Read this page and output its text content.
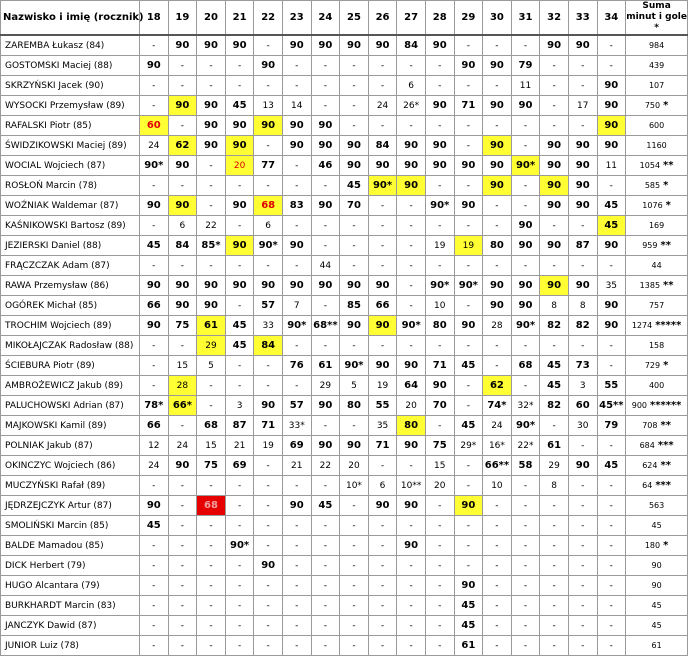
Nazwisko i imię (rocznik)	18	19	20	21	22	23	24	25	26	27	28	29	30	31	32	33	34	Suma minut i gole *
ZAREMBA Łukasz (84)	-	90	90	90	-	90	90	90	90	84	90	-	-	-	90	90	-	984
GOSTOMSKI Maciej (88)	90	-	-	-	90	-	-	-	-	-	-	90	90	79	-	-	-	439
SKRZYŃSKI Jacek (90)	-	-	-	-	-	-	-	-	-	6	-	-	-	11	-	-	90	107
WYSOCKI Przemysław (89)	-	90	90	45	13	14	-	-	24	26*	90	71	90	90	-	17	90	750 *
RAFALSKI Piotr (85)	60	-	90	90	90	90	90	-	-	-	-	-	-	-	-	-	90	600
ŚWIDZIKOWSKI Maciej (89)	24	62	90	90	-	90	90	90	84	90	90	-	90	-	90	90	90	1160
WOCIAL Wojciech (87)	90*	90	-	20	77	-	46	90	90	90	90	90	90	90*	90	90	11	1054 **
ROSŁOŃ Marcin (78)	-	-	-	-	-	-	-	45	90*	90	-	-	90	-	90	90	-	585 *
WOŹNIAK Waldemar (87)	90	90	-	90	68	83	90	70	-	-	90*	90	-	-	90	90	45	1076 *
KAŚNIKOWSKI Bartosz (89)	-	6	22	-	6	-	-	-	-	-	-	-	-	90	-	-	45	169
JEZIERSKI Daniel (88)	45	84	85*	90	90*	90	-	-	-	-	19	19	80	90	90	87	90	959 **
FRĄCZCZAK Adam (87)	-	-	-	-	-	-	44	-	-	-	-	-	-	-	-	-	-	44
RAWA Przemysław (86)	90	90	90	90	90	90	90	90	90	-	90*	90*	90	90	90	90	35	1385 **
OGÓREK Michał (85)	66	90	90	-	57	7	-	85	66	-	10	-	90	90	8	8	90	757
TROCHIM Wojciech (89)	90	75	61	45	33	90*	68**	90	90	90*	80	90	28	90*	82	82	90	1274 *****
MIKOŁAJCZAK Radosław (88)	-	-	29	45	84	-	-	-	-	-	-	-	-	-	-	-	-	158
ŚCIEBURA Piotr (89)	-	15	5	-	-	76	61	90*	90	90	71	45	-	68	45	73	-	729 *
AMBROŻEWICZ Jakub (89)	-	28	-	-	-	-	29	5	19	64	90	-	62	-	45	3	55	400
PALUCHOWSKI Adrian (87)	78*	66*	-	3	90	57	90	80	55	20	70	-	74*	32*	82	60	45**	900 ******
MAJKOWSKI Kamil (89)	66	-	68	87	71	33*	-	-	35	80	-	45	24	90*	-	30	79	708 **
POLNIAK Jakub (87)	12	24	15	21	19	69	90	90	71	90	75	29*	16*	22*	61	-	-	684 ***
OKINCZYC Wojciech (86)	24	90	75	69	-	21	22	20	-	-	15	-	66**	58	29	90	45	624 **
MUCZYŃSKI Rafał (89)	-	-	-	-	-	-	-	10*	6	10**	20	-	10	-	8	-	-	64 ***
JĘDRZEJCZYK Artur (87)	90	-	68	-	-	90	45	-	90	90	-	90	-	-	-	-	-	563
SMOLIŃSKI Marcin (85)	45	-	-	-	-	-	-	-	-	-	-	-	-	-	-	-	-	45
BALDE Mamadou (85)	-	-	-	90*	-	-	-	-	-	90	-	-	-	-	-	-	-	180 *
DICK Herbert (79)	-	-	-	-	90	-	-	-	-	-	-	-	-	-	-	-	-	90
HUGO Alcantara (79)	-	-	-	-	-	-	-	-	-	-	-	90	-	-	-	-	-	90
BURKHARDT Marcin (83)	-	-	-	-	-	-	-	-	-	-	-	45	-	-	-	-	-	45
JANCZYK Dawid (87)	-	-	-	-	-	-	-	-	-	-	-	45	-	-	-	-	-	45
JUNIOR Luiz (78)	-	-	-	-	-	-	-	-	-	-	-	61	-	-	-	-	-	61
